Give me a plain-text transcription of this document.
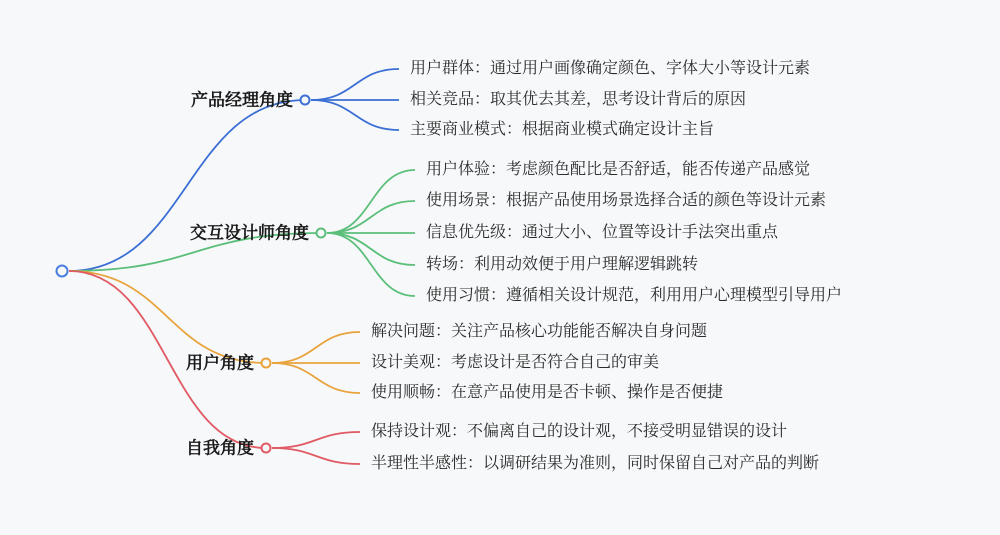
产品经理角度
用户群体：通过用户画像确定颜色、字体大小等设计元素
相关竞品：取其优去其差，思考设计背后的原因
主要商业模式：根据商业模式确定设计主旨
交互设计师角度
用户体验：考虑颜色配比是否舒适，能否传递产品感觉
使用场景：根据产品使用场景选择合适的颜色等设计元素
信息优先级：通过大小、位置等设计手法突出重点
转场：利用动效便于用户理解逻辑跳转
使用习惯：遵循相关设计规范，利用用户心理模型引导用户
用户角度
解决问题：关注产品核心功能能否解决自身问题
设计美观：考虑设计是否符合自己的审美
使用顺畅：在意产品使用是否卡顿、操作是否便捷
自我角度
保持设计观：不偏离自己的设计观，不接受明显错误的设计
半理性半感性：以调研结果为准则，同时保留自己对产品的判断
